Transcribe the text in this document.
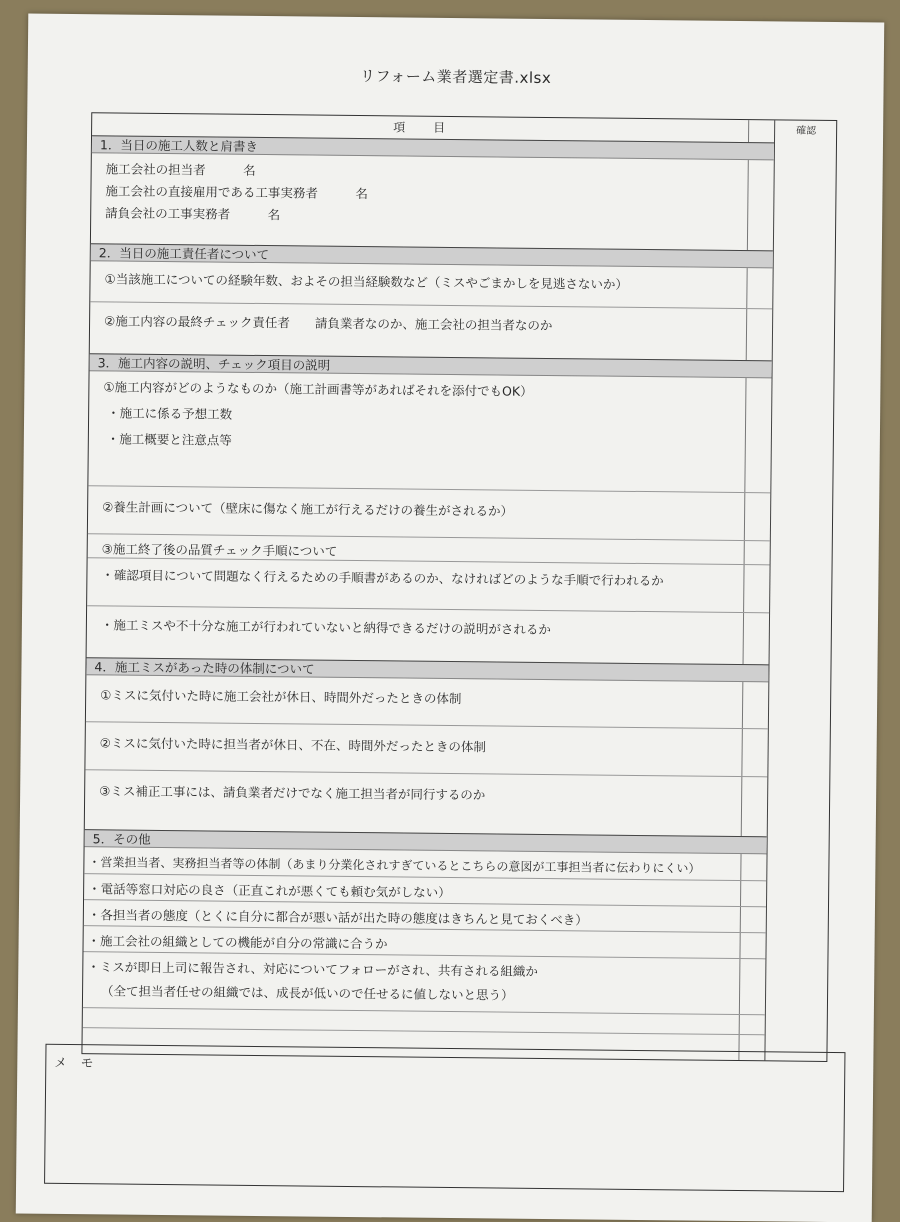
リフォーム業者選定書.xlsx
項目	確認
1．当日の施工人数と肩書き
施工会社の担当者　　　名
施工会社の直接雇用である工事実務者　　　名
請負会社の工事実務者　　　名
2．当日の施工責任者について
①当該施工についての経験年数、およその担当経験数など（ミスやごまかしを見逃さないか）
②施工内容の最終チェック責任者　　請負業者なのか、施工会社の担当者なのか
3．施工内容の説明、チェック項目の説明
①施工内容がどのようなものか（施工計画書等があればそれを添付でもOK）
・施工に係る予想工数
・施工概要と注意点等
②養生計画について（壁床に傷なく施工が行えるだけの養生がされるか）
③施工終了後の品質チェック手順について
・確認項目について問題なく行えるための手順書があるのか、なければどのような手順で行われるか
・施工ミスや不十分な施工が行われていないと納得できるだけの説明がされるか
4．施工ミスがあった時の体制について
①ミスに気付いた時に施工会社が休日、時間外だったときの体制
②ミスに気付いた時に担当者が休日、不在、時間外だったときの体制
③ミス補正工事には、請負業者だけでなく施工担当者が同行するのか
5．その他
・営業担当者、実務担当者等の体制（あまり分業化されすぎているとこちらの意図が工事担当者に伝わりにくい）
・電話等窓口対応の良さ（正直これが悪くても頼む気がしない）
・各担当者の態度（とくに自分に都合が悪い話が出た時の態度はきちんと見ておくべき）
・施工会社の組織としての機能が自分の常識に合うか
・ミスが即日上司に報告され、対応についてフォローがされ、共有される組織か
（全て担当者任せの組織では、成長が低いので任せるに値しないと思う）
メモ
